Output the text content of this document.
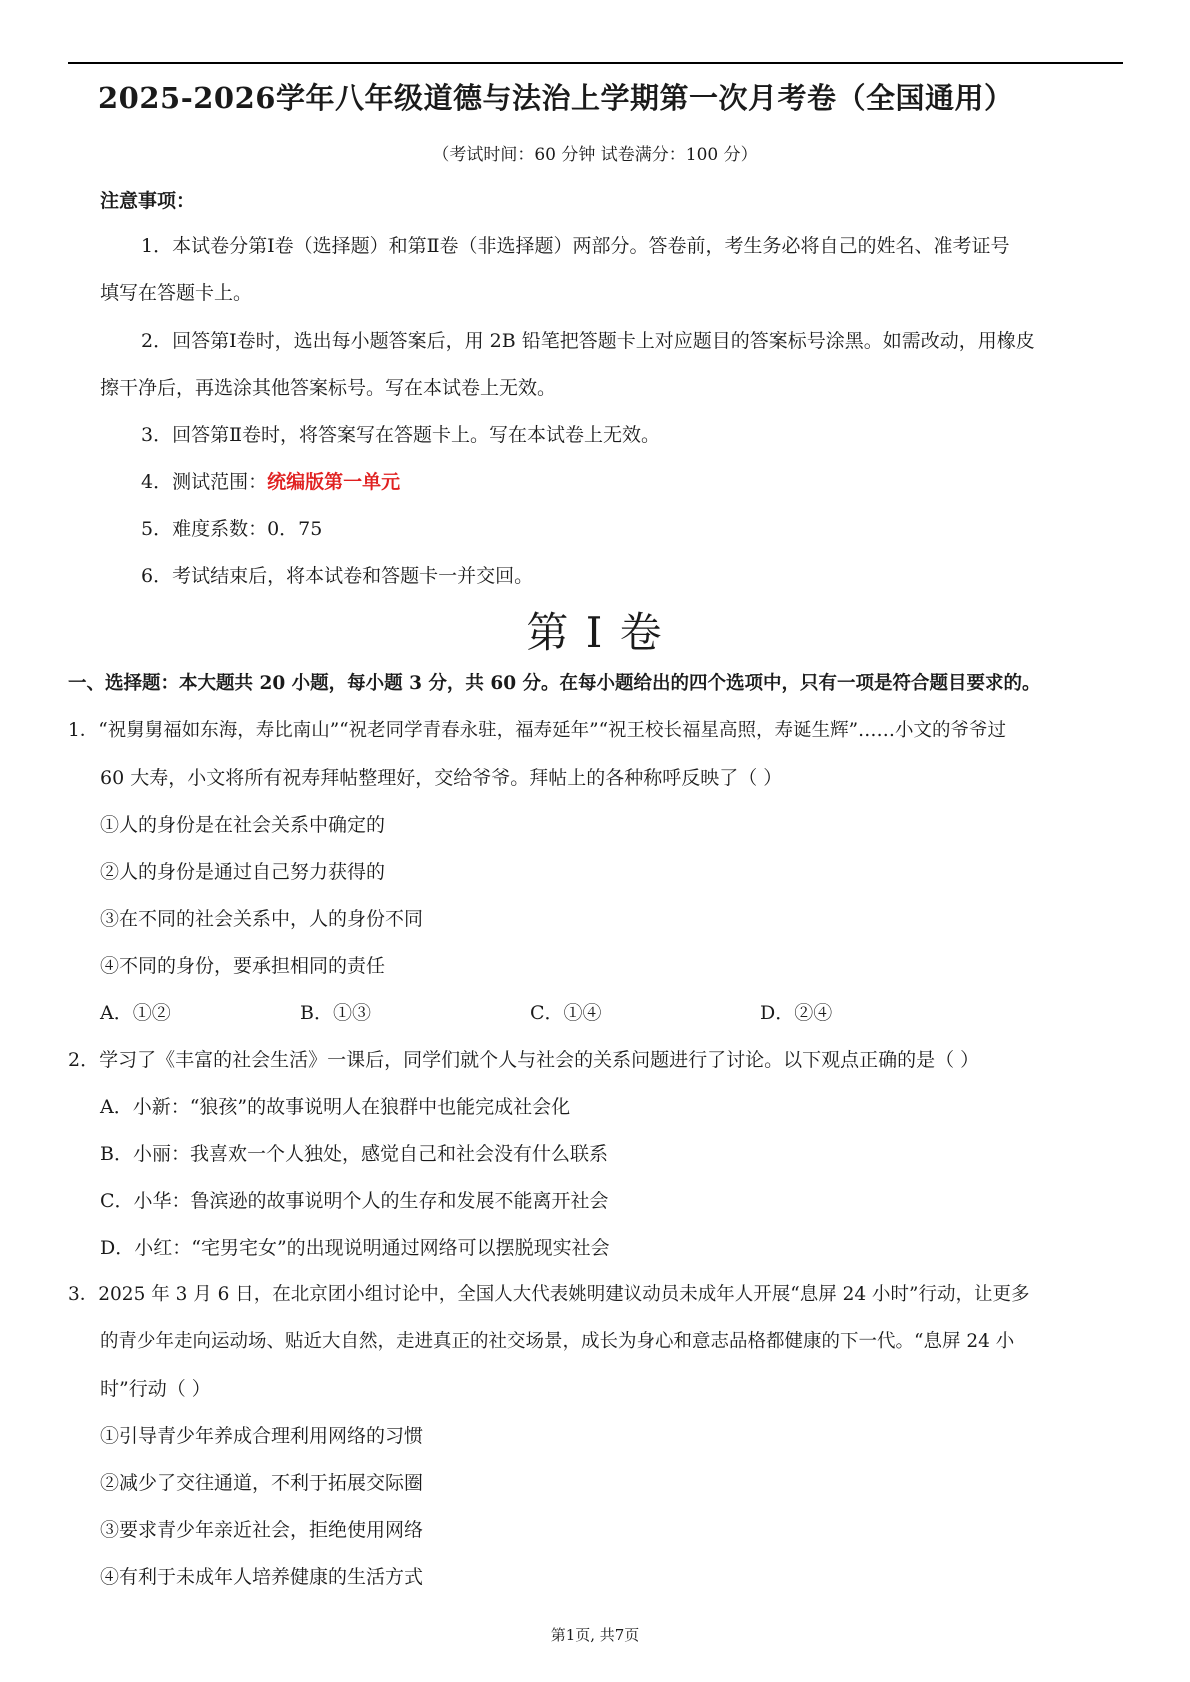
2025-2026学年八年级道德与法治上学期第一次月考卷（全国通用）
（考试时间：60 分钟 试卷满分：100 分）
注意事项：
1．本试卷分第Ⅰ卷（选择题）和第Ⅱ卷（非选择题）两部分。答卷前，考生务必将自己的姓名、准考证号
填写在答题卡上。
2．回答第Ⅰ卷时，选出每小题答案后，用 2B 铅笔把答题卡上对应题目的答案标号涂黑。如需改动，用橡皮
擦干净后，再选涂其他答案标号。写在本试卷上无效。
3．回答第Ⅱ卷时，将答案写在答题卡上。写在本试卷上无效。
4．测试范围：统编版第一单元
5．难度系数：0．75
6．考试结束后，将本试卷和答题卡一并交回。
第 I 卷
一、选择题：本大题共 20 小题，每小题 3 分，共 60 分。在每小题给出的四个选项中，只有一项是符合题目要求的。
1．“祝舅舅福如东海，寿比南山”“祝老同学青春永驻，福寿延年”“祝王校长福星高照，寿诞生辉”……小文的爷爷过
60 大寿，小文将所有祝寿拜帖整理好，交给爷爷。拜帖上的各种称呼反映了（ ）
①人的身份是在社会关系中确定的
②人的身份是通过自己努力获得的
③在不同的社会关系中，人的身份不同
④不同的身份，要承担相同的责任
A．①②	B．①③	C．①④	D．②④
2．学习了《丰富的社会生活》一课后，同学们就个人与社会的关系问题进行了讨论。以下观点正确的是（ ）
A．小新：“狼孩”的故事说明人在狼群中也能完成社会化
B．小丽：我喜欢一个人独处，感觉自己和社会没有什么联系
C．小华：鲁滨逊的故事说明个人的生存和发展不能离开社会
D．小红：“宅男宅女”的出现说明通过网络可以摆脱现实社会
3．2025 年 3 月 6 日，在北京团小组讨论中，全国人大代表姚明建议动员未成年人开展“息屏 24 小时”行动，让更多
的青少年走向运动场、贴近大自然，走进真正的社交场景，成长为身心和意志品格都健康的下一代。“息屏 24 小
时”行动（ ）
①引导青少年养成合理利用网络的习惯
②减少了交往通道，不利于拓展交际圈
③要求青少年亲近社会，拒绝使用网络
④有利于未成年人培养健康的生活方式
第1页, 共7页
